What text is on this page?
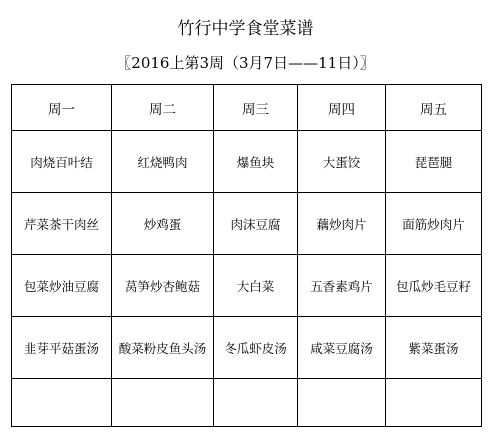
竹行中学食堂菜谱
〖2016上第3周（3月7日——11日）〗
周一	周二	周三	周四	周五
肉烧百叶结	红烧鸭肉	爆鱼块	大蛋饺	琵琶腿
芹菜茶干肉丝	炒鸡蛋	肉沫豆腐	藕炒肉片	面筋炒肉片
包菜炒油豆腐	莴笋炒杏鲍菇	大白菜	五香素鸡片	包瓜炒毛豆籽
韭芽平菇蛋汤	酸菜粉皮鱼头汤	冬瓜虾皮汤	咸菜豆腐汤	紫菜蛋汤
